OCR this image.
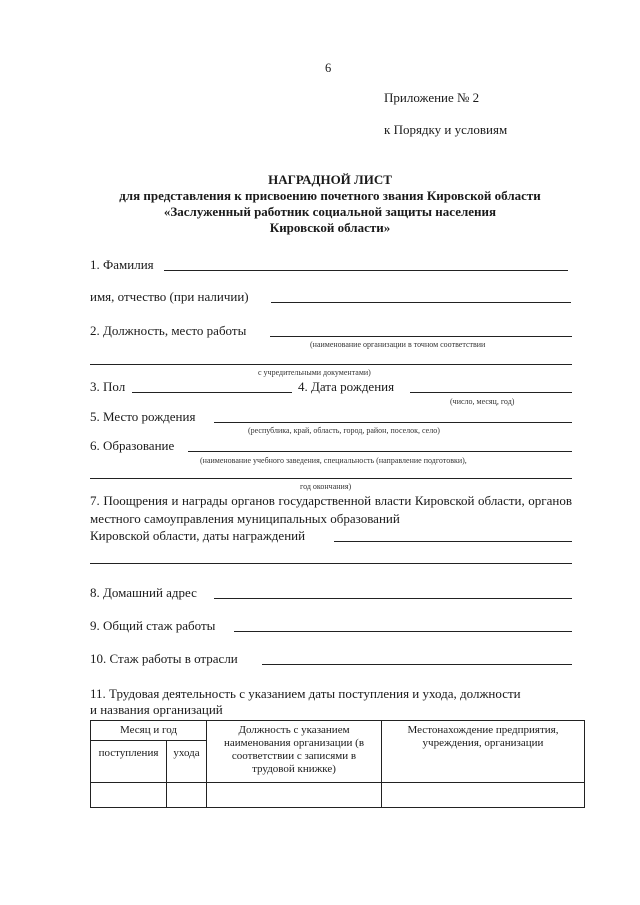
6
Приложение № 2
к Порядку и условиям
НАГРАДНОЙ ЛИСТ
для представления к присвоению почетного звания Кировской области
«Заслуженный работник социальной защиты населения
Кировской области»
1. Фамилия
имя, отчество (при наличии)
2. Должность, место работы
(наименование организации в точном соответствии
с учредительными документами)
3. Пол	4. Дата рождения
(число, месяц, год)
5. Место рождения
(республика, край, область, город, район, поселок, село)
6. Образование
(наименование учебного заведения, специальность (направление подготовки),
год окончания)
7. Поощрения и награды органов государственной власти Кировской области, органов местного самоуправления муниципальных образований
Кировской области, даты награждений
8. Домашний адрес
9. Общий стаж работы
10. Стаж работы в отрасли
11. Трудовая деятельность с указанием даты поступления и ухода, должности
и названия организаций
Месяц и год		Должность с указанием наименования организации (в соответствии с записями в трудовой книжке)	Местонахождение предприятия, учреждения, организации
поступления	ухода		
